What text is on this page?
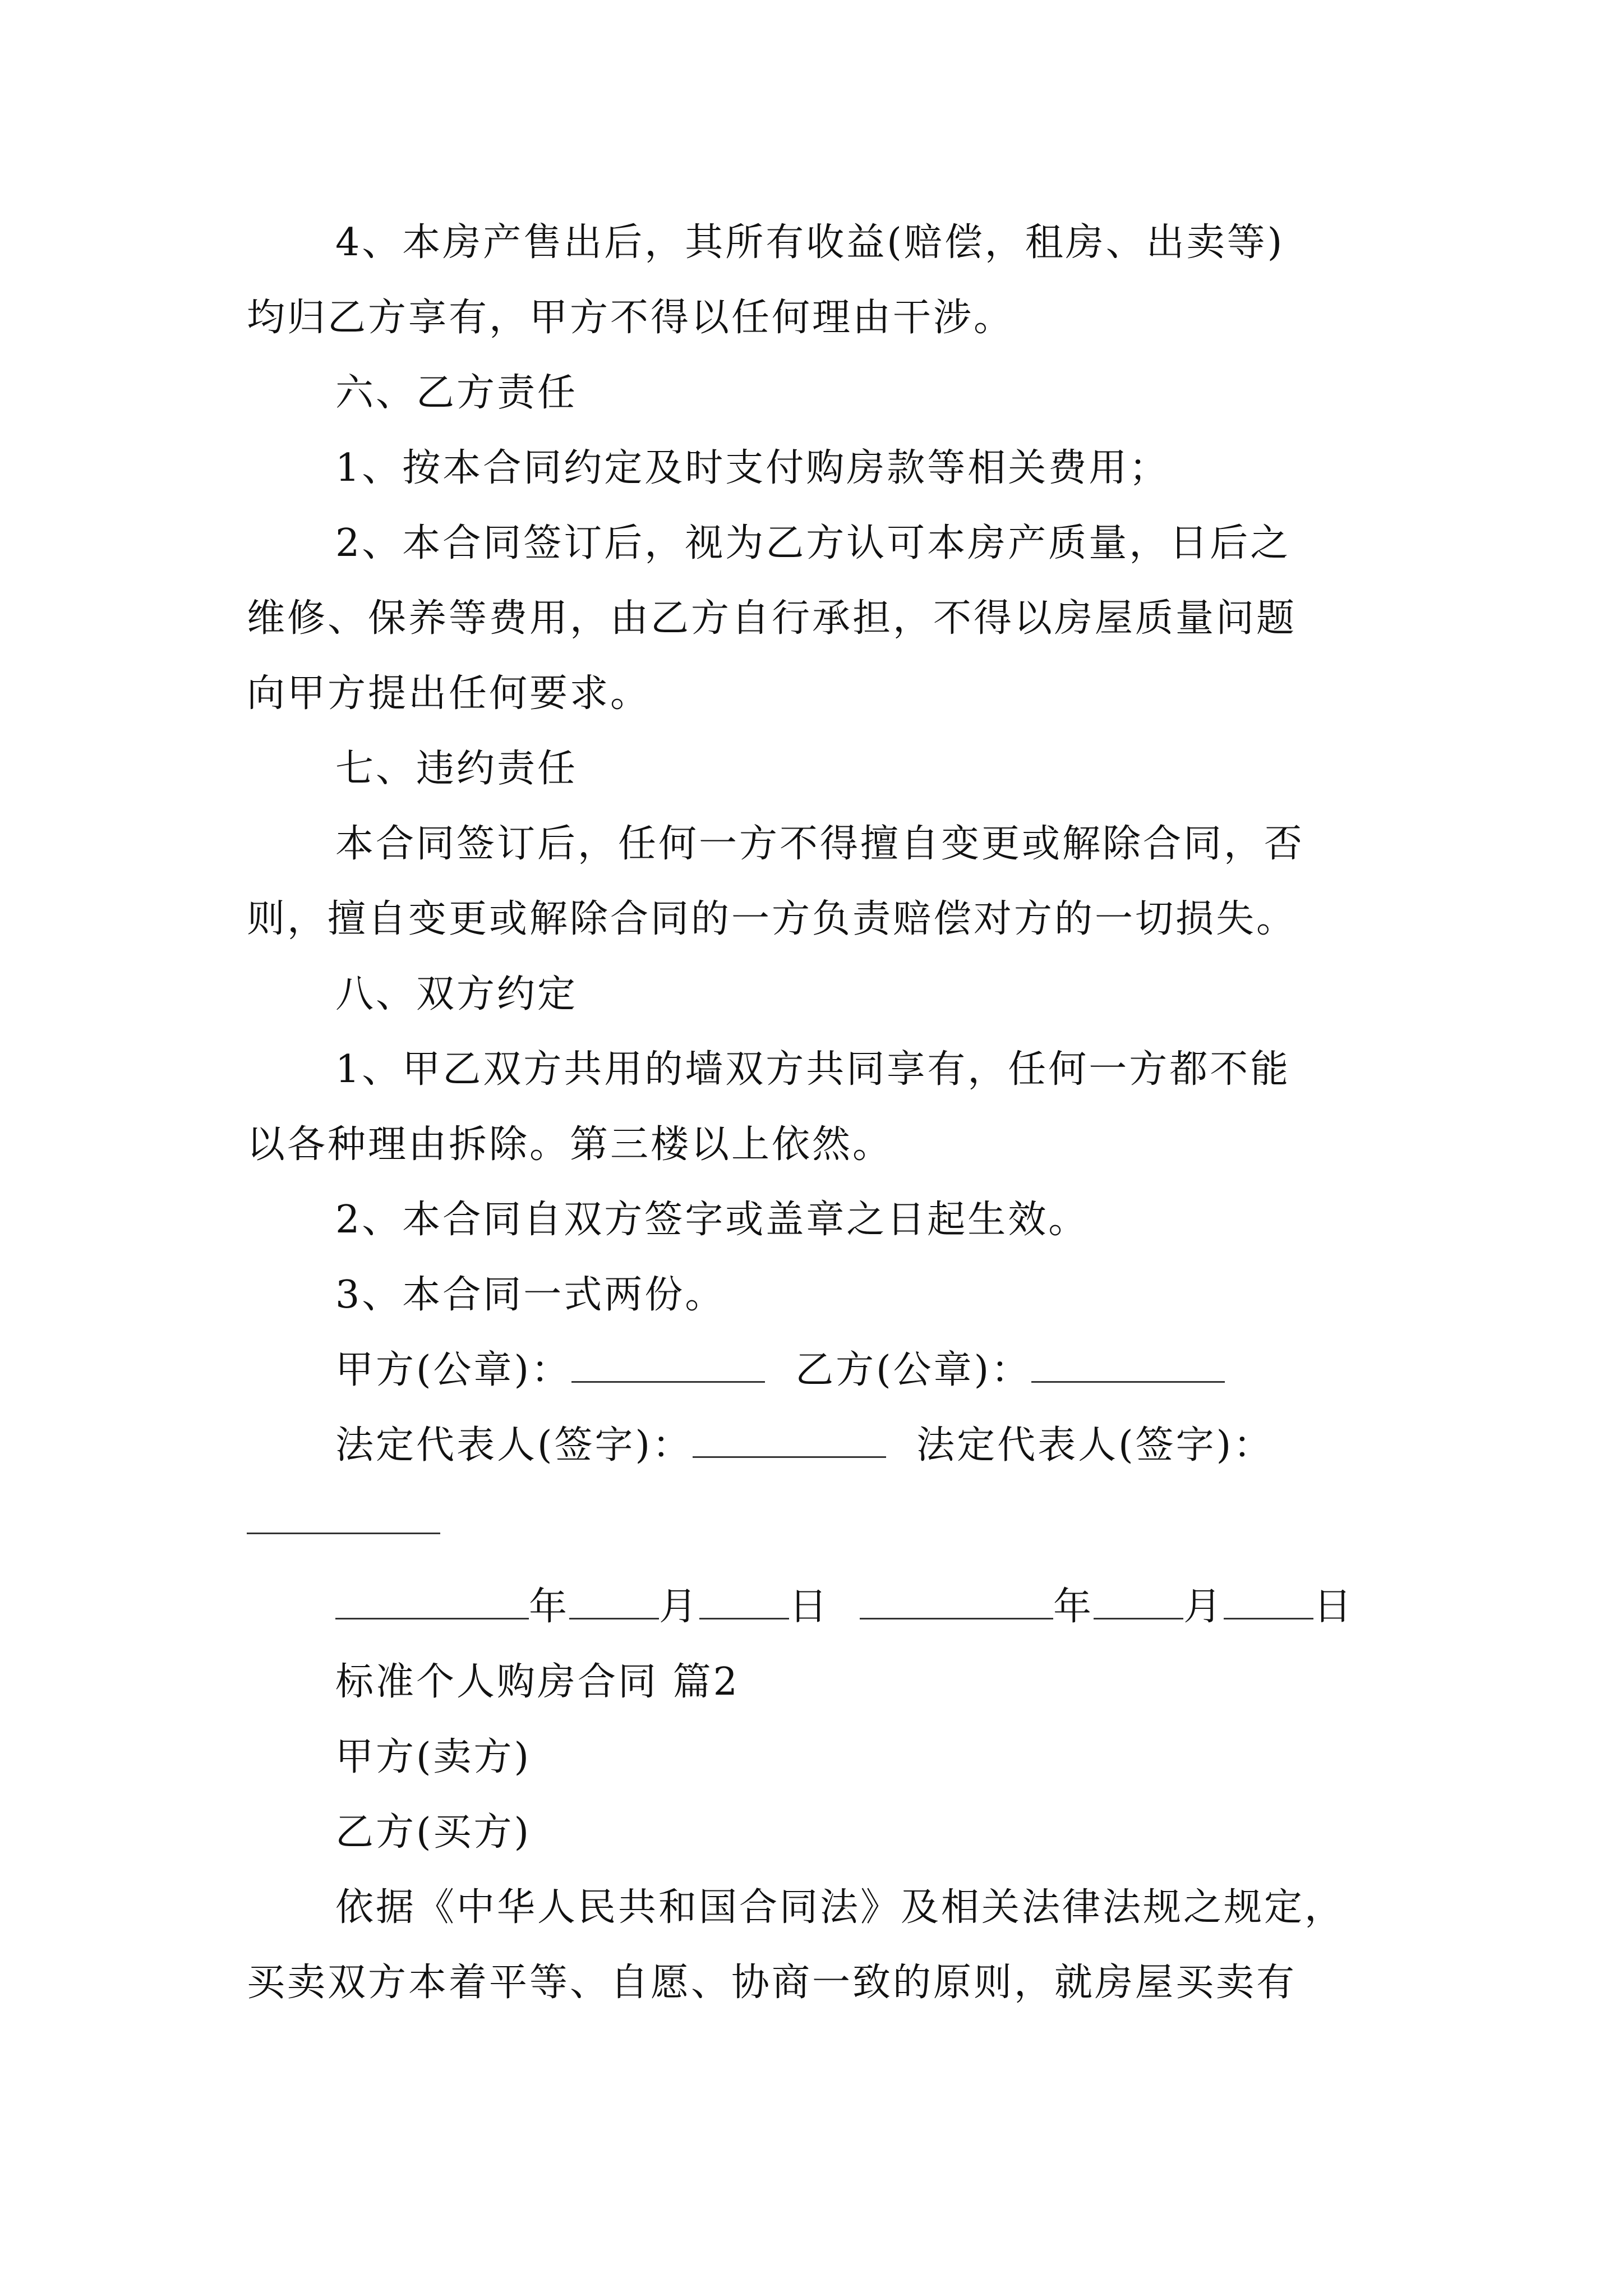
4、本房产售出后，其所有收益(赔偿，租房、出卖等)
均归乙方享有，甲方不得以任何理由干涉。
六、乙方责任
1、按本合同约定及时支付购房款等相关费用；
2、本合同签订后，视为乙方认可本房产质量，日后之
维修、保养等费用，由乙方自行承担，不得以房屋质量问题
向甲方提出任何要求。
七、违约责任
本合同签订后，任何一方不得擅自变更或解除合同，否
则，擅自变更或解除合同的一方负责赔偿对方的一切损失。
八、双方约定
1、甲乙双方共用的墙双方共同享有，任何一方都不能
以各种理由拆除。第三楼以上依然。
2、本合同自双方签字或盖章之日起生效。
3、本合同一式两份。
甲方(公章)：	乙方(公章)：
法定代表人(签字)：	法定代表人(签字)：
年 月 日	年 月 日
标准个人购房合同 篇2
甲方(卖方)
乙方(买方)
依据《中华人民共和国合同法》及相关法律法规之规定，
买卖双方本着平等、自愿、协商一致的原则，就房屋买卖有
